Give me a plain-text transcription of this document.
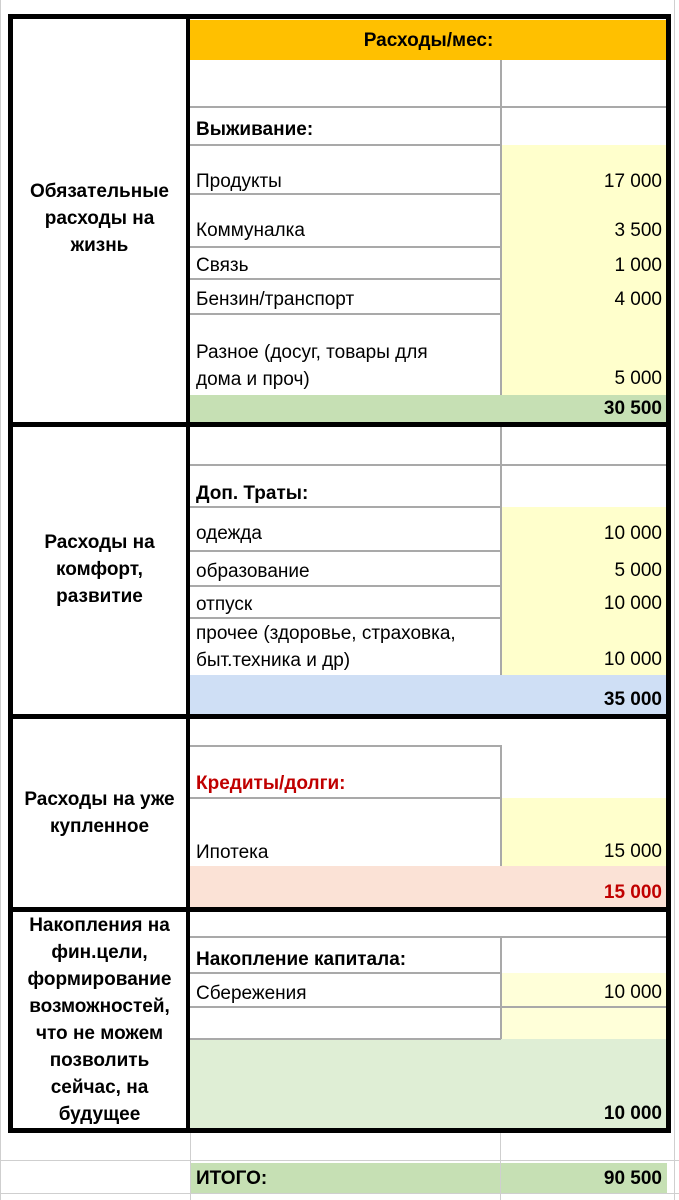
Расходы/мес:
Обязательные
расходы на
жизнь
Выживание:
Продукты	17 000
Коммуналка	3 500
Связь	1 000
Бензин/транспорт	4 000
Разное (досуг, товары для
дома и проч)	5 000
30 500
Расходы на
комфорт,
развитие
Доп. Траты:
одежда	10 000
образование	5 000
отпуск	10 000
прочее (здоровье, страховка,
быт.техника и др)	10 000
35 000
Расходы на уже
купленное
Кредиты/долги:
Ипотека	15 000
15 000
Накопления на
фин.цели,
формирование
возможностей,
что не можем
позволить
сейчас, на
будущее
Накопление капитала:
Сбережения	10 000
10 000
ИТОГО:	90 500
